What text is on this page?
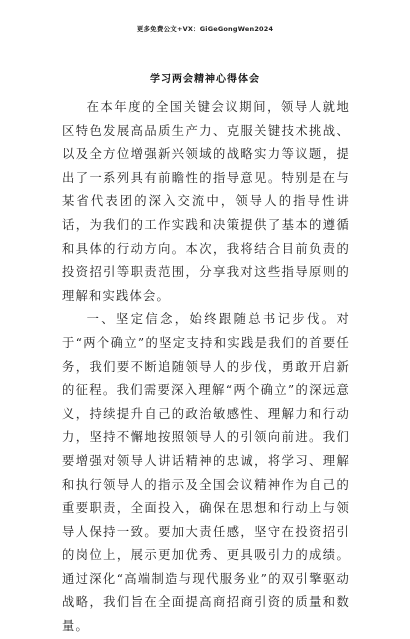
更多免费公文+VX：GiGeGongWen2024
学习两会精神心得体会

在本年度的全国关键会议期间，领导人就地区特色发展高品质生产力、克服关键技术挑战、以及全方位增强新兴领域的战略实力等议题，提出了一系列具有前瞻性的指导意见。特别是在与某省代表团的深入交流中，领导人的指导性讲话，为我们的工作实践和决策提供了基本的遵循和具体的行动方向。本次，我将结合目前负责的投资招引等职责范围，分享我对这些指导原则的理解和实践体会。

一、坚定信念，始终跟随总书记步伐。对于“两个确立”的坚定支持和实践是我们的首要任务，我们要不断追随领导人的步伐，勇敢开启新的征程。我们需要深入理解“两个确立”的深远意义，持续提升自己的政治敏感性、理解力和行动力，坚持不懈地按照领导人的引领向前进。我们要增强对领导人讲话精神的忠诚，将学习、理解和执行领导人的指示及全国会议精神作为自己的重要职责，全面投入，确保在思想和行动上与领导人保持一致。要加大责任感，坚守在投资招引的岗位上，展示更加优秀、更具吸引力的成绩。通过深化“高端制造与现代服务业”的双引擎驱动战略，我们旨在全面提高商招商引资的质量和数量。
